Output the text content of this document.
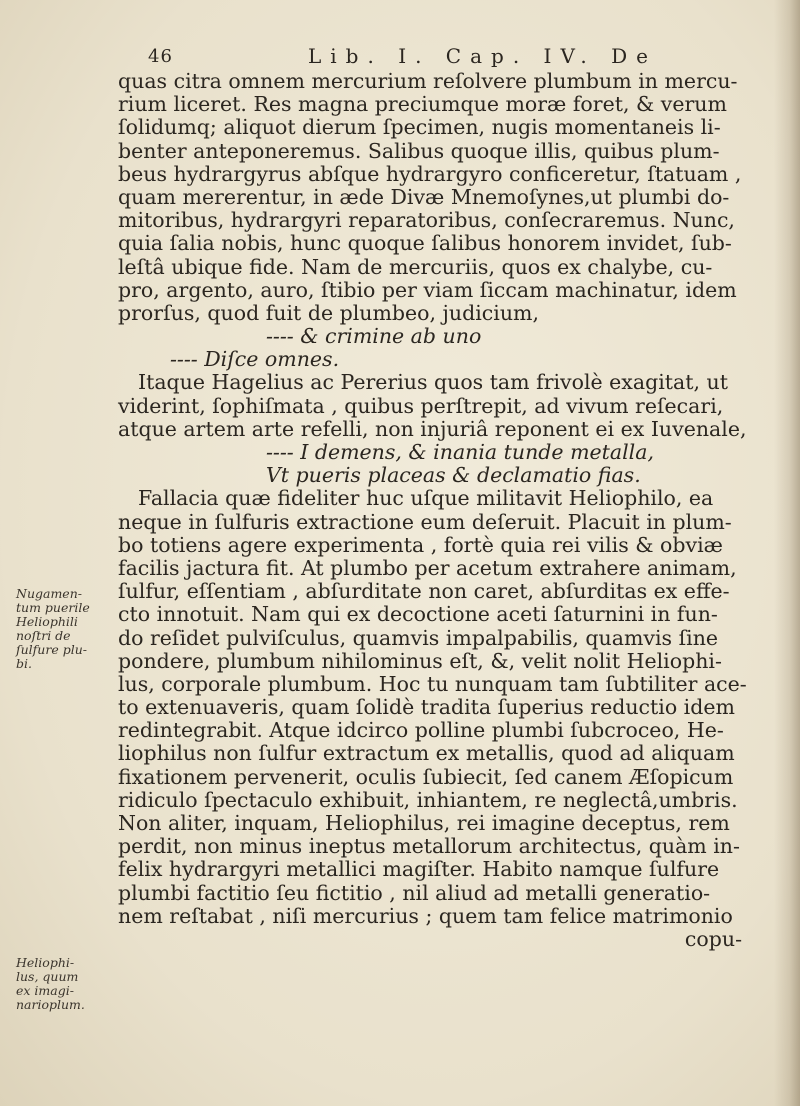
46	Lib. I. Cap. IV. De
quas citra omnem mercurium reſolvere plumbum in mercu-
rium liceret. Res magna preciumque moræ foret, & verum
ſolidumq; aliquot dierum ſpecimen, nugis momentaneis li-
benter anteponeremus. Salibus quoque illis, quibus plum-
beus hydrargyrus abſque hydrargyro conficeretur, ſtatuam ,
quam mererentur, in æde Divæ Mnemoſynes,ut plumbi do-
mitoribus, hydrargyri reparatoribus, conſecraremus. Nunc,
quia ſalia nobis, hunc quoque ſalibus honorem invidet, ſub-
leſtâ ubique fide. Nam de mercuriis, quos ex chalybe, cu-
pro, argento, auro, ſtibio per viam ſiccam machinatur, idem
prorſus, quod fuit de plumbeo, judicium,
---- & crimine ab uno
---- Diſce omnes.
Itaque Hagelius ac Pererius quos tam frivolè exagitat, ut
viderint, ſophiſmata , quibus perſtrepit, ad vivum reſecari,
atque artem arte refelli, non injuriâ reponent ei ex Iuvenale,
---- I demens, & inania tunde metalla,
Vt pueris placeas & declamatio fias.
Fallacia quæ fideliter huc uſque militavit Heliophilo, ea
neque in ſulfuris extractione eum deſeruit. Placuit in plum-
bo totiens agere experimenta , fortè quia rei vilis & obviæ
facilis jactura fit. At plumbo per acetum extrahere animam,
ſulfur, eſſentiam , abſurditate non caret, abſurditas ex effe-
cto innotuit. Nam qui ex decoctione aceti ſaturnini in fun-
do reſidet pulviſculus, quamvis impalpabilis, quamvis ſine
pondere, plumbum nihilominus eſt, &, velit nolit Heliophi-
lus, corporale plumbum. Hoc tu nunquam tam ſubtiliter ace-
to extenuaveris, quam ſolidè tradita ſuperius reductio idem
redintegrabit. Atque idcirco polline plumbi ſubcroceo, He-
liophilus non ſulfur extractum ex metallis, quod ad aliquam
fixationem pervenerit, oculis ſubiecit, ſed canem Æſopicum
ridiculo ſpectaculo exhibuit, inhiantem, re neglectâ,umbris.
Non aliter, inquam, Heliophilus, rei imagine deceptus, rem
perdit, non minus ineptus metallorum architectus, quàm in-
felix hydrargyri metallici magiſter. Habito namque ſulfure
plumbi factitio ſeu fictitio , nil aliud ad metalli generatio-
nem reſtabat , niſi mercurius ; quem tam felice matrimonio
copu-
Nugamen-
tum puerile
Heliophili
noſtri de
ſulfure plu-
bi.
Heliophi-
lus, quum
ex imagi-
narioplum.
